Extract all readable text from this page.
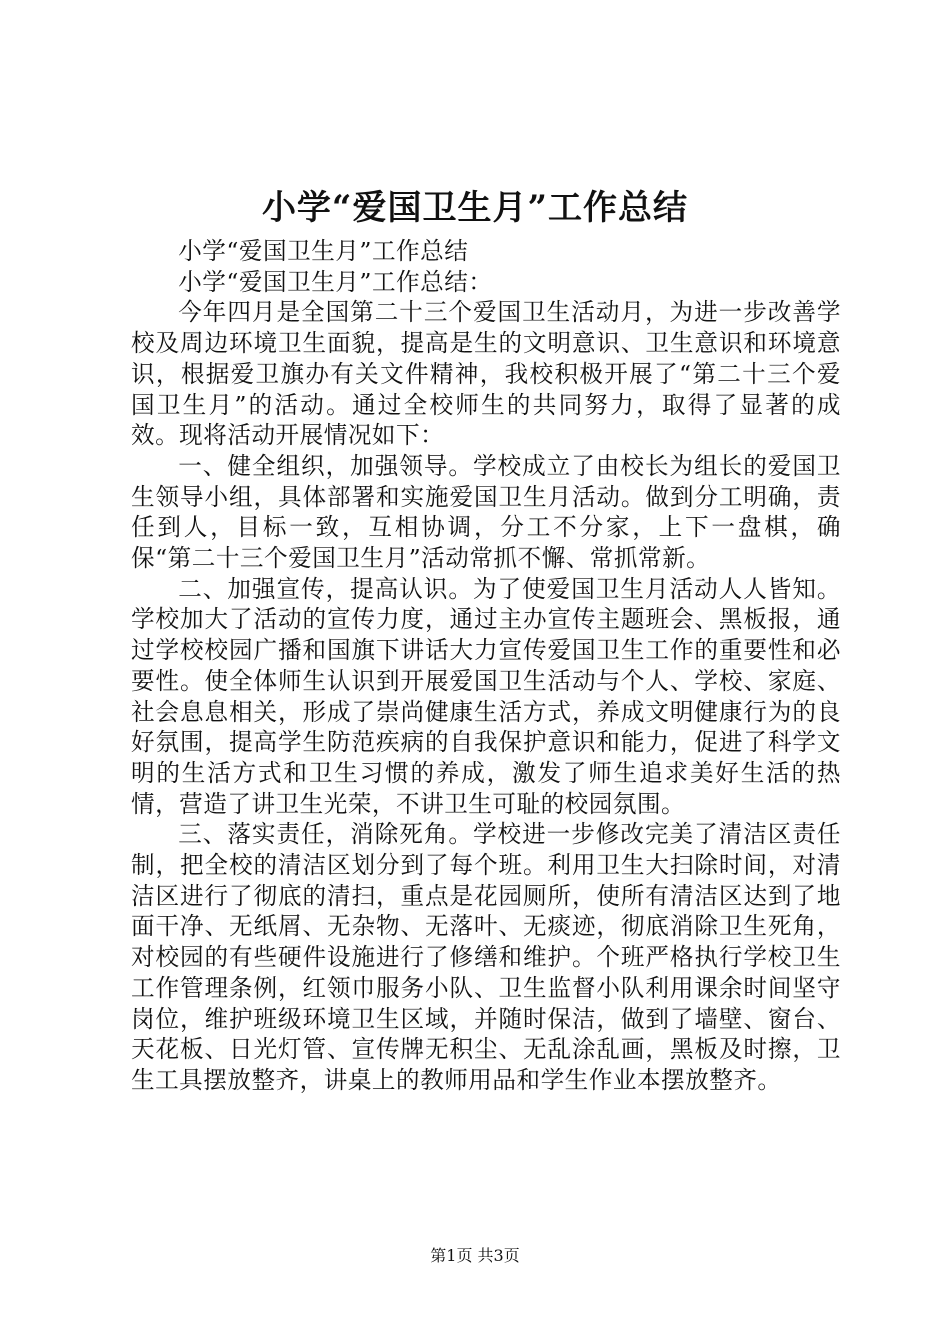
小学“爱国卫生月”工作总结

小学“爱国卫生月”工作总结

小学“爱国卫生月”工作总结：

今年四月是全国第二十三个爱国卫生活动月，为进一步改善学校及周边环境卫生面貌，提高是生的文明意识、卫生意识和环境意识，根据爱卫旗办有关文件精神，我校积极开展了“第二十三个爱国卫生月”的活动。通过全校师生的共同努力，取得了显著的成效。现将活动开展情况如下：

一、健全组织，加强领导。学校成立了由校长为组长的爱国卫生领导小组，具体部署和实施爱国卫生月活动。做到分工明确，责任到人，目标一致，互相协调，分工不分家，上下一盘棋，确保“第二十三个爱国卫生月”活动常抓不懈、常抓常新。

二、加强宣传，提高认识。为了使爱国卫生月活动人人皆知。学校加大了活动的宣传力度，通过主办宣传主题班会、黑板报，通过学校校园广播和国旗下讲话大力宣传爱国卫生工作的重要性和必要性。使全体师生认识到开展爱国卫生活动与个人、学校、家庭、社会息息相关，形成了崇尚健康生活方式，养成文明健康行为的良好氛围，提高学生防范疾病的自我保护意识和能力，促进了科学文明的生活方式和卫生习惯的养成，激发了师生追求美好生活的热情，营造了讲卫生光荣，不讲卫生可耻的校园氛围。

三、落实责任，消除死角。学校进一步修改完美了清洁区责任制，把全校的清洁区划分到了每个班。利用卫生大扫除时间，对清洁区进行了彻底的清扫，重点是花园厕所，使所有清洁区达到了地面干净、无纸屑、无杂物、无落叶、无痰迹，彻底消除卫生死角，对校园的有些硬件设施进行了修缮和维护。个班严格执行学校卫生工作管理条例，红领巾服务小队、卫生监督小队利用课余时间坚守岗位，维护班级环境卫生区域，并随时保洁，做到了墙壁、窗台、天花板、日光灯管、宣传牌无积尘、无乱涂乱画，黑板及时擦，卫生工具摆放整齐，讲桌上的教师用品和学生作业本摆放整齐。

第1页 共3页
